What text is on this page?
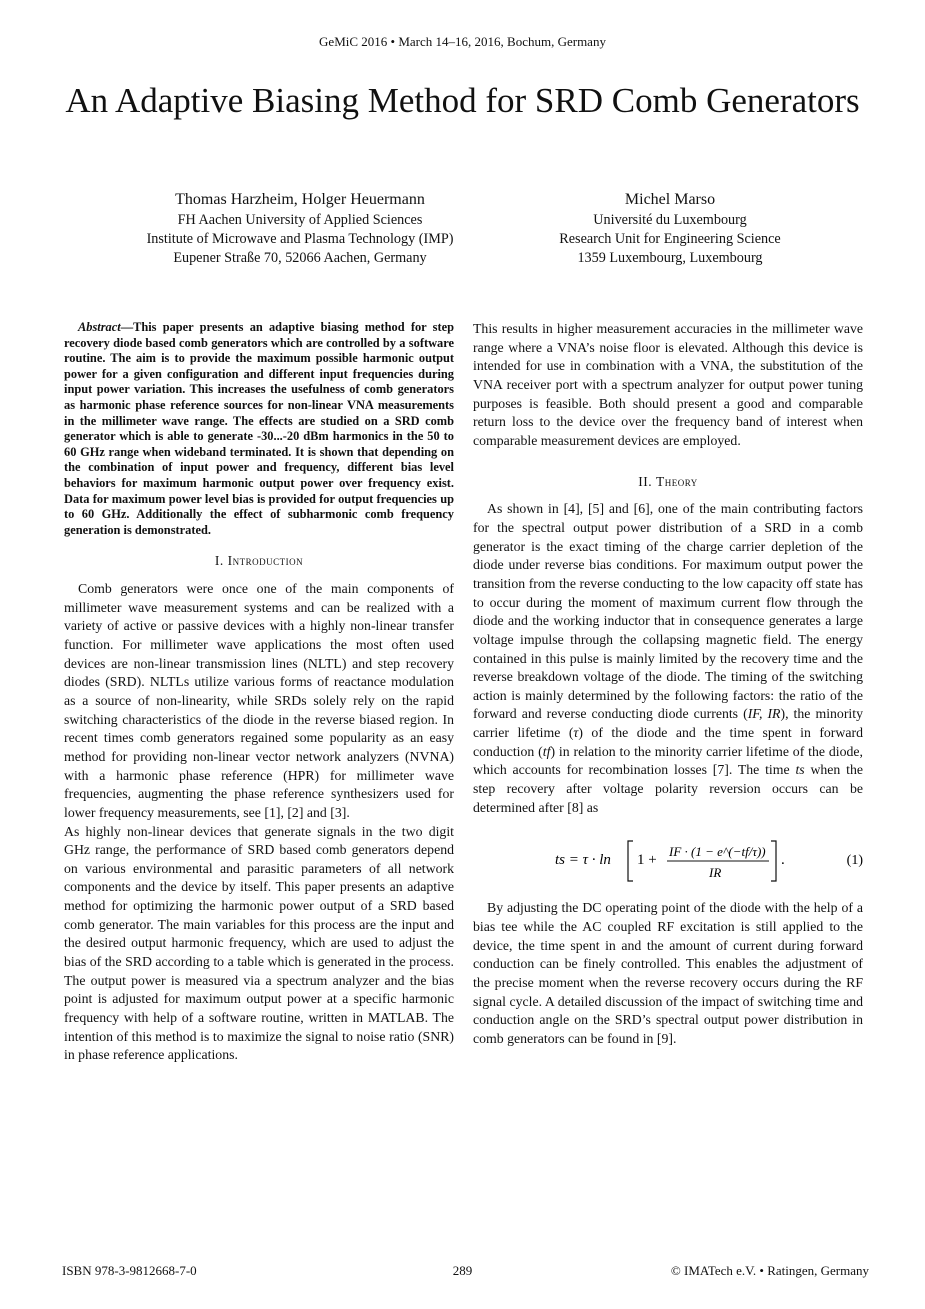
GeMiC 2016 • March 14–16, 2016, Bochum, Germany
An Adaptive Biasing Method for SRD Comb Generators
Thomas Harzheim, Holger Heuermann
FH Aachen University of Applied Sciences
Institute of Microwave and Plasma Technology (IMP)
Eupener Straße 70, 52066 Aachen, Germany
Michel Marso
Université du Luxembourg
Research Unit for Engineering Science
1359 Luxembourg, Luxembourg

Abstract—This paper presents an adaptive biasing method for step recovery diode based comb generators which are controlled by a software routine. The aim is to provide the maximum possible harmonic output power for a given configuration and different input frequencies during input power variation. This increases the usefulness of comb generators as harmonic phase reference sources for non-linear VNA measurements in the millimeter wave range. The effects are studied on a SRD comb generator which is able to generate -30...-20 dBm harmonics in the 50 to 60 GHz range when wideband terminated. It is shown that depending on the combination of input power and frequency, different bias level behaviors for maximum harmonic output power over frequency exist. Data for maximum power level bias is provided for output frequencies up to 60 GHz. Additionally the effect of subharmonic comb frequency generation is demonstrated.

I. Introduction

Comb generators were once one of the main components of millimeter wave measurement systems and can be realized with a variety of active or passive devices with a highly non-linear transfer function. For millimeter wave applications the most often used devices are non-linear transmission lines (NLTL) and step recovery diodes (SRD). NLTLs utilize various forms of reactance modulation as a source of non-linearity, while SRDs solely rely on the rapid switching characteristics of the diode in the reverse biased region. In recent times comb generators regained some popularity as an easy method for providing non-linear vector network analyzers (NVNA) with a harmonic phase reference (HPR) for millimeter wave frequencies, augmenting the phase reference synthesizers used for lower frequency measurements, see [1], [2] and [3].

As highly non-linear devices that generate signals in the two digit GHz range, the performance of SRD based comb generators depend on various environmental and parasitic parameters of all network components and the device by itself. This paper presents an adaptive method for optimizing the harmonic power output of a SRD based comb generator. The main variables for this process are the input and the desired output harmonic frequency, which are used to adjust the bias of the SRD according to a table which is generated in the process. The output power is measured via a spectrum analyzer and the bias point is adjusted for maximum output power at a specific harmonic frequency with help of a software routine, written in MATLAB. The intention of this method is to maximize the signal to noise ratio (SNR) in phase reference applications.

This results in higher measurement accuracies in the millimeter wave range where a VNA’s noise floor is elevated. Although this device is intended for use in combination with a VNA, the substitution of the VNA receiver port with a spectrum analyzer for output power tuning purposes is feasible. Both should present a good and comparable return loss to the device over the frequency band of interest when comparable measurement devices are employed.

II. Theory

As shown in [4], [5] and [6], one of the main contributing factors for the spectral output power distribution of a SRD in a comb generator is the exact timing of the charge carrier depletion of the diode under reverse bias conditions. For maximum output power the transition from the reverse conducting to the low capacity off state has to occur during the moment of maximum current flow through the diode and the working inductor that in consequence generates a large voltage impulse through the collapsing magnetic field. The energy contained in this pulse is mainly limited by the recovery time and the reverse breakdown voltage of the diode. The timing of the switching action is mainly determined by the following factors: the ratio of the forward and reverse conducting diode currents (IF, IR), the minority carrier lifetime (τ) of the diode and the time spent in forward conduction (tf) in relation to the minority carrier lifetime of the diode, which accounts for recombination losses [7]. The time ts when the step recovery after voltage polarity reversion occurs can be determined after [8] as

ts = τ · ln 1 +
IF · (1 − e^(−tf/τ))
IR
.	(1)

By adjusting the DC operating point of the diode with the help of a bias tee while the AC coupled RF excitation is still applied to the device, the time spent in and the amount of current during forward conduction can be finely controlled. This enables the adjustment of the precise moment when the reverse recovery occurs during the RF signal cycle. A detailed discussion of the impact of switching time and conduction angle on the SRD’s spectral output power distribution in comb generators can be found in [9].

ISBN 978-3-9812668-7-0	289	© IMATech e.V. • Ratingen, Germany
